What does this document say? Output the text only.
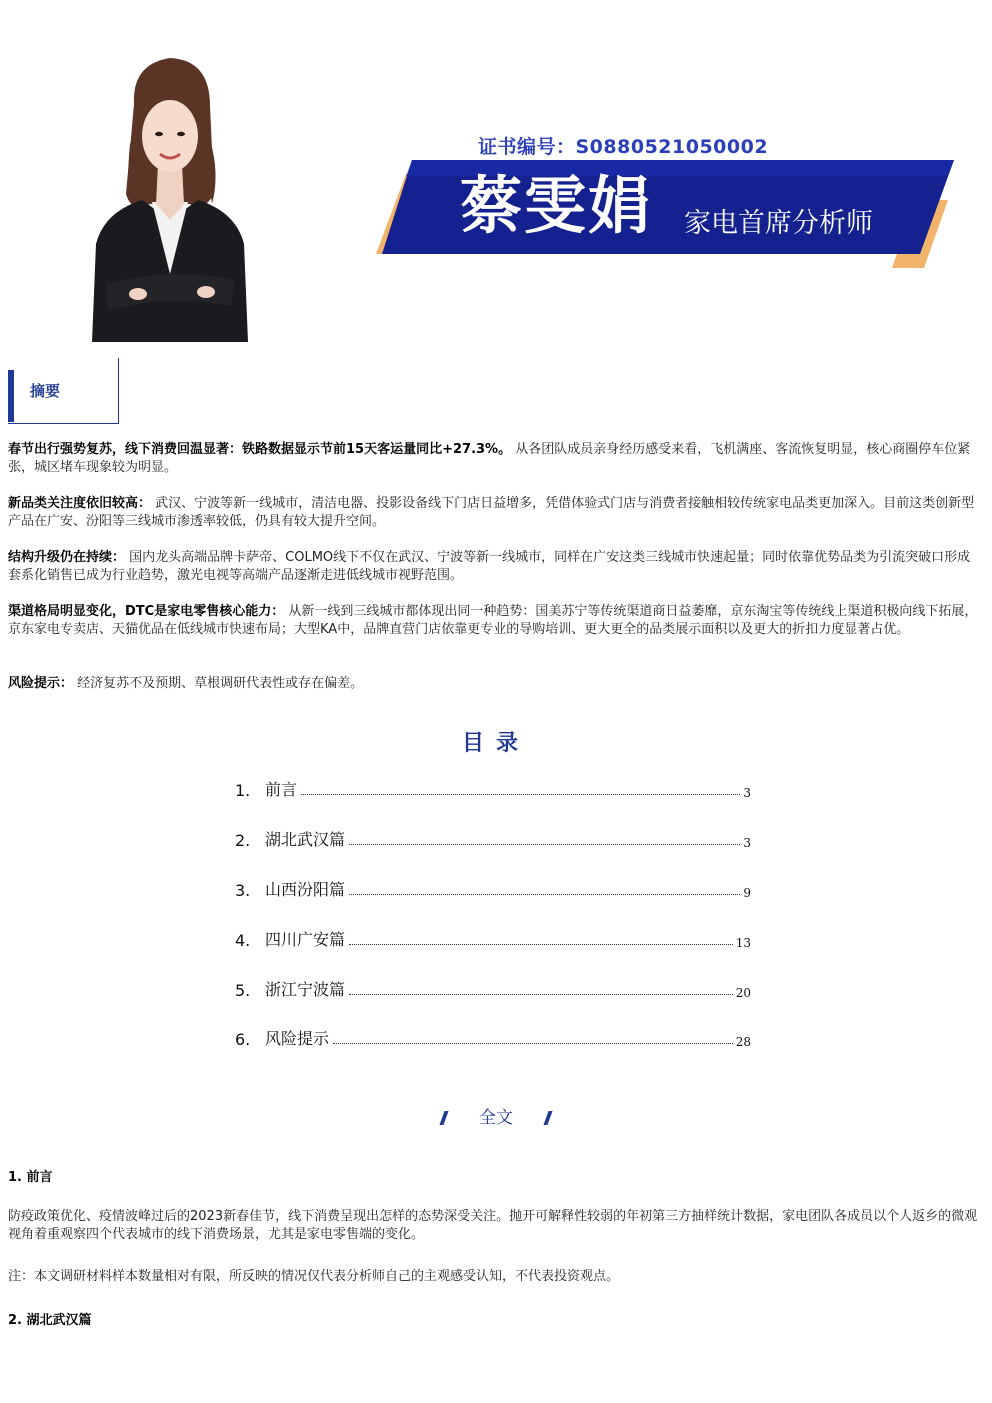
证书编号：S0880521050002
蔡雯娟 家电首席分析师
摘要
春节出行强势复苏，线下消费回温显著：铁路数据显示节前15天客运量同比+27.3%。 从各团队成员亲身经历感受来看，飞机满座、客流恢复明显，核心商圈停车位紧张，城区堵车现象较为明显。
新品类关注度依旧较高： 武汉、宁波等新一线城市，清洁电器、投影设备线下门店日益增多，凭借体验式门店与消费者接触相较传统家电品类更加深入。目前这类创新型产品在广安、汾阳等三线城市渗透率较低，仍具有较大提升空间。
结构升级仍在持续： 国内龙头高端品牌卡萨帝、COLMO线下不仅在武汉、宁波等新一线城市，同样在广安这类三线城市快速起量；同时依靠优势品类为引流突破口形成套系化销售已成为行业趋势，激光电视等高端产品逐渐走进低线城市视野范围。
渠道格局明显变化，DTC是家电零售核心能力： 从新一线到三线城市都体现出同一种趋势：国美苏宁等传统渠道商日益萎靡，京东淘宝等传统线上渠道积极向线下拓展，京东家电专卖店、天猫优品在低线城市快速布局；大型KA中，品牌直营门店依靠更专业的导购培训、更大更全的品类展示面积以及更大的折扣力度显著占优。
风险提示： 经济复苏不及预期、草根调研代表性或存在偏差。
目录
1. 前言	3
2. 湖北武汉篇	3
3. 山西汾阳篇	9
4. 四川广安篇	13
5. 浙江宁波篇	20
6. 风险提示	28
全文
1. 前言
防疫政策优化、疫情波峰过后的2023新春佳节，线下消费呈现出怎样的态势深受关注。抛开可解释性较弱的年初第三方抽样统计数据，家电团队各成员以个人返乡的微观视角着重观察四个代表城市的线下消费场景，尤其是家电零售端的变化。
注：本文调研材料样本数量相对有限，所反映的情况仅代表分析师自己的主观感受认知，不代表投资观点。
2. 湖北武汉篇
